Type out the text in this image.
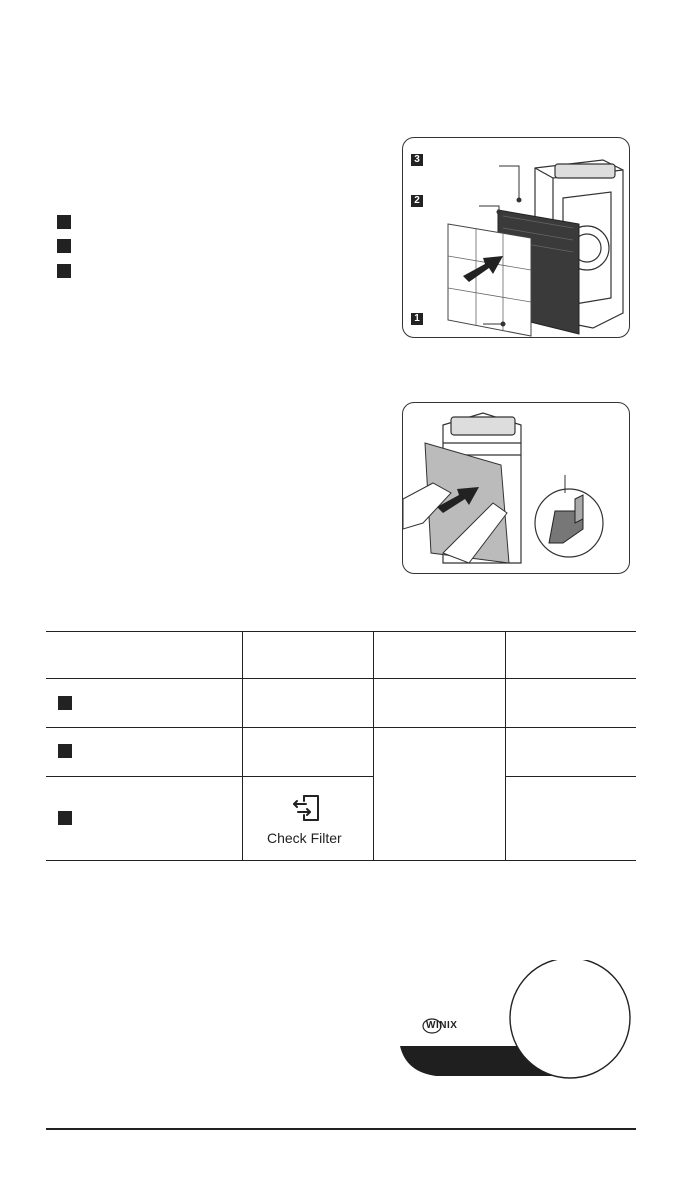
3
2
1
Check Filter
WINIX
